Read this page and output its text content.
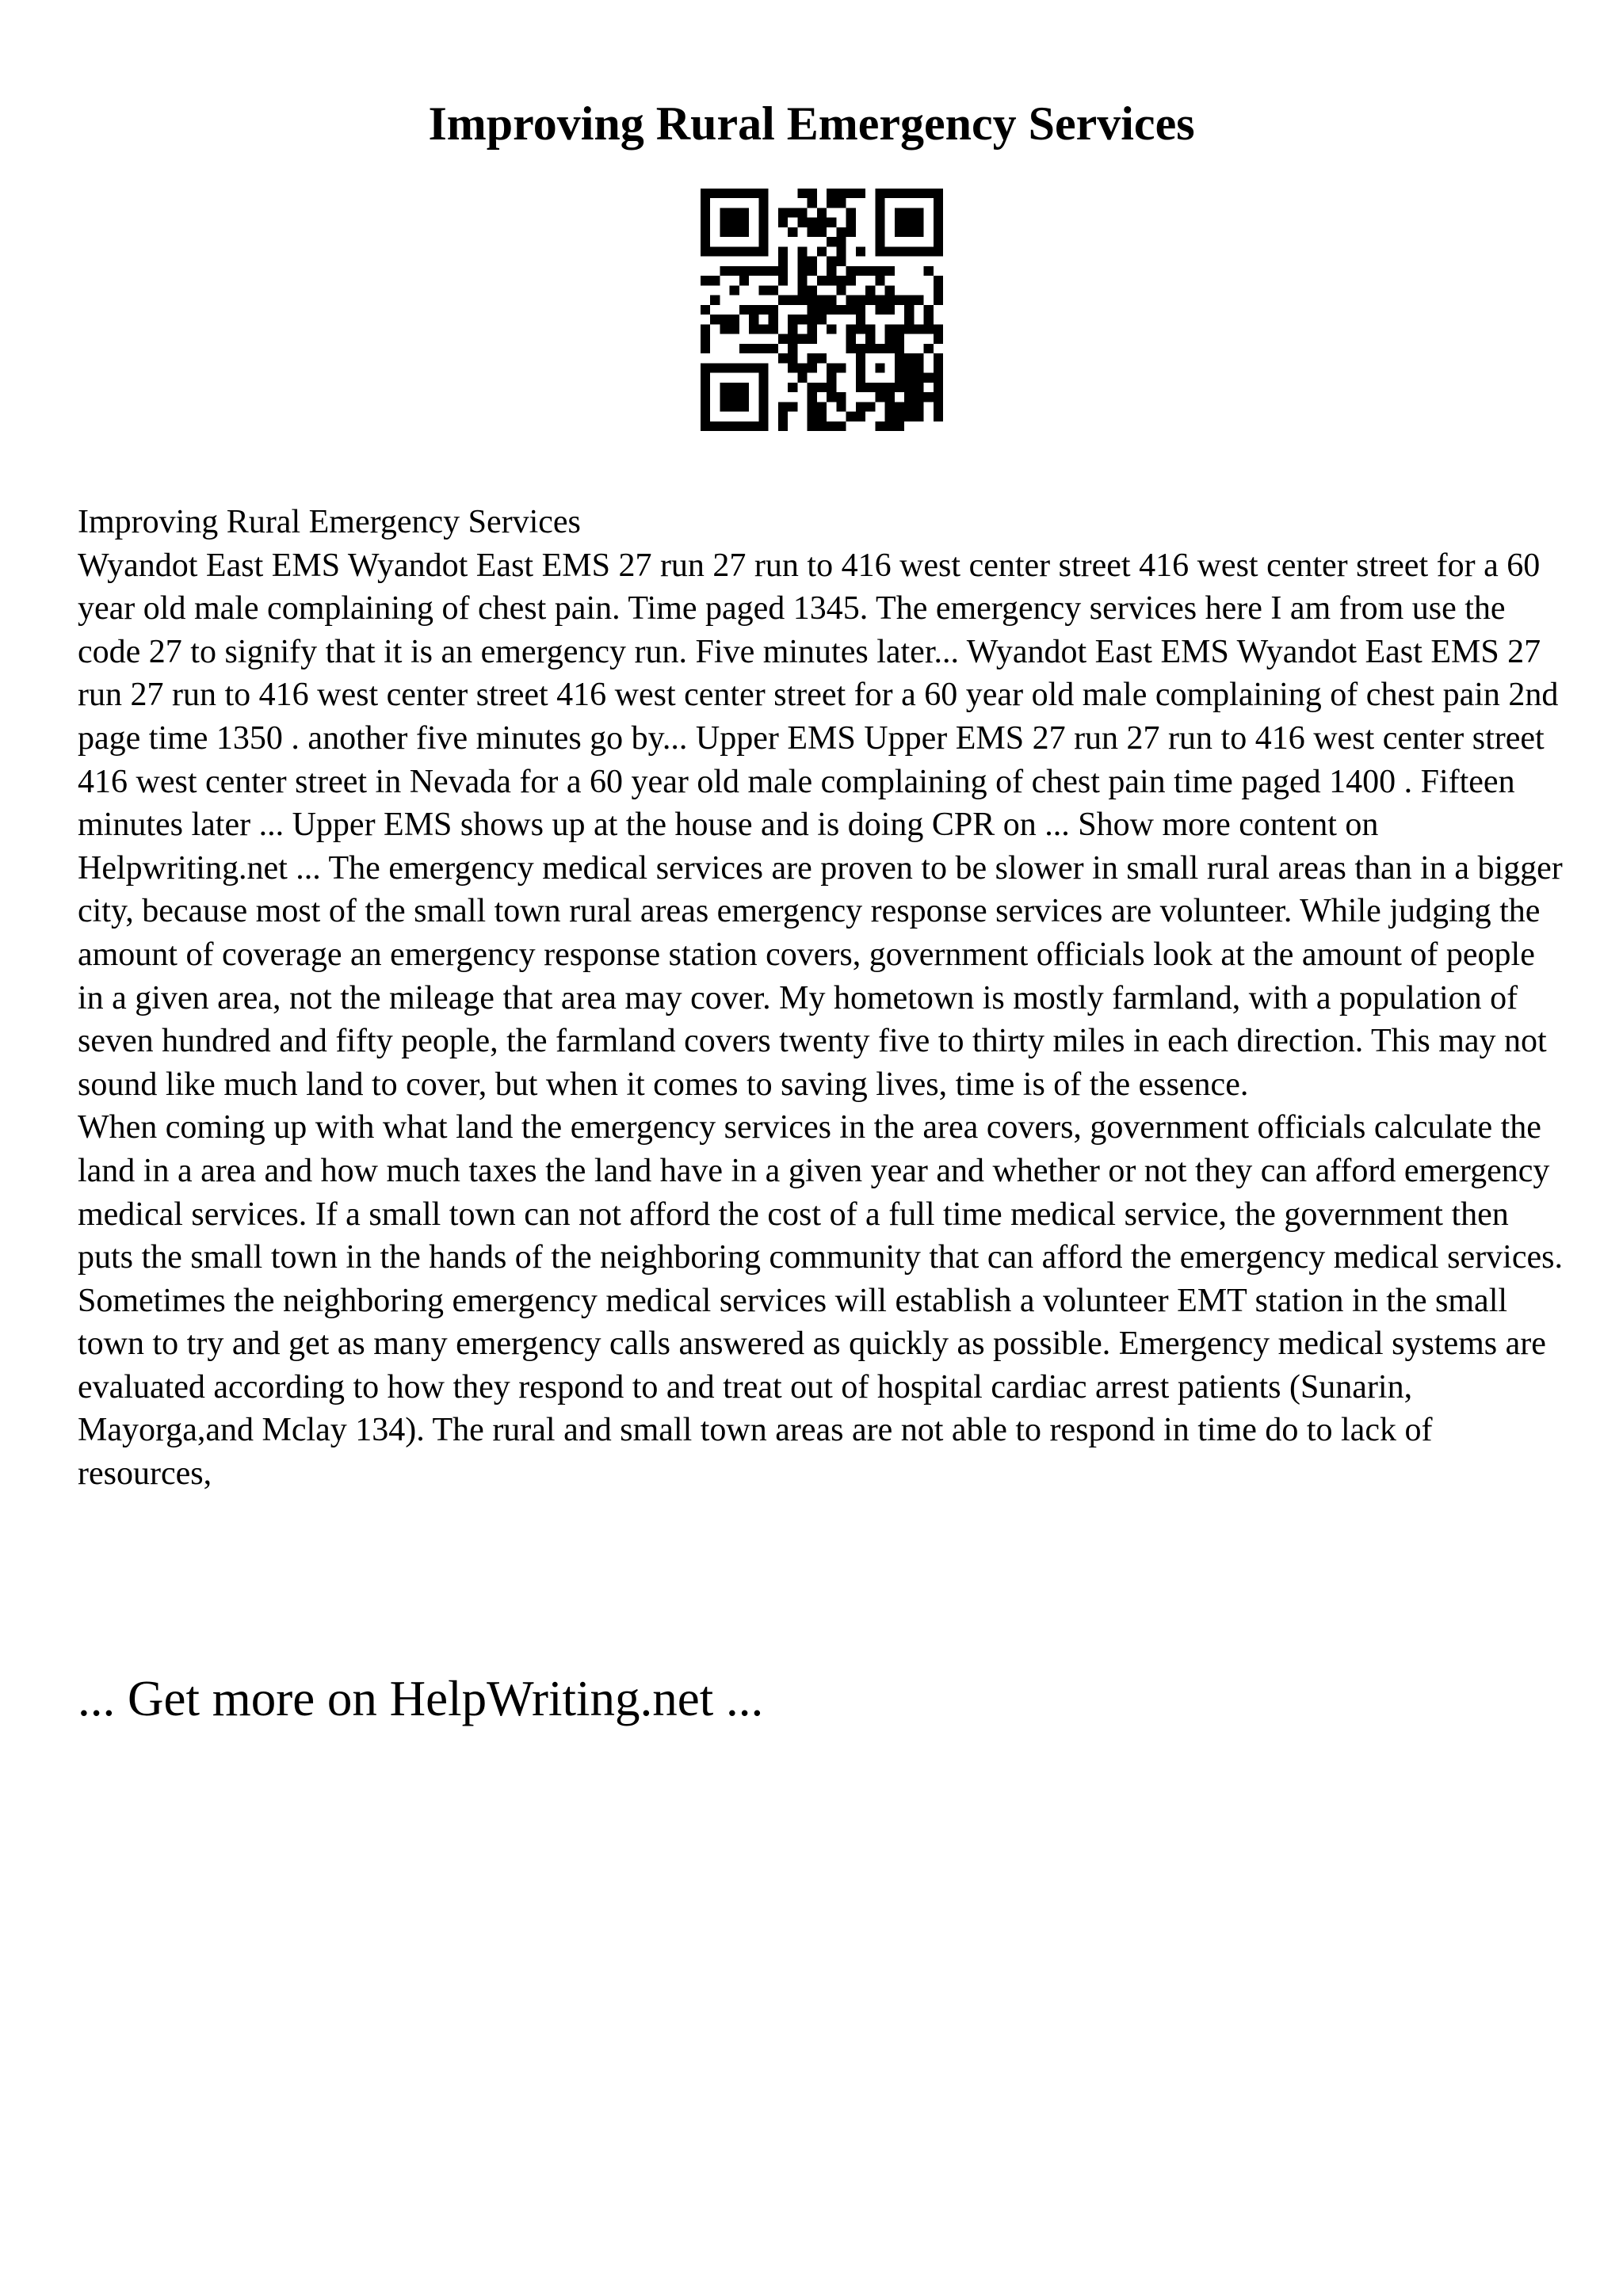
Improving Rural Emergency Services

Improving Rural Emergency Services

Wyandot East EMS Wyandot East EMS 27 run 27 run to 416 west center street 416 west center street for a 60 year old male complaining of chest pain. Time paged 1345. The emergency services here I am from use the code 27 to signify that it is an emergency run. Five minutes later... Wyandot East EMS Wyandot East EMS 27 run 27 run to 416 west center street 416 west center street for a 60 year old male complaining of chest pain 2nd page time 1350 . another five minutes go by... Upper EMS Upper EMS 27 run 27 run to 416 west center street 416 west center street in Nevada for a 60 year old male complaining of chest pain time paged 1400 . Fifteen minutes later ... Upper EMS shows up at the house and is doing CPR on ... Show more content on Helpwriting.net ... The emergency medical services are proven to be slower in small rural areas than in a bigger city, because most of the small town rural areas emergency response services are volunteer. While judging the amount of coverage an emergency response station covers, government officials look at the amount of people in a given area, not the mileage that area may cover. My hometown is mostly farmland, with a population of seven hundred and fifty people, the farmland covers twenty five to thirty miles in each direction. This may not sound like much land to cover, but when it comes to saving lives, time is of the essence.

When coming up with what land the emergency services in the area covers, government officials calculate the land in a area and how much taxes the land have in a given year and whether or not they can afford emergency medical services. If a small town can not afford the cost of a full time medical service, the government then puts the small town in the hands of the neighboring community that can afford the emergency medical services. Sometimes the neighboring emergency medical services will establish a volunteer EMT station in the small town to try and get as many emergency calls answered as quickly as possible. Emergency medical systems are evaluated according to how they respond to and treat out of hospital cardiac arrest patients (Sunarin, Mayorga,and Mclay 134). The rural and small town areas are not able to respond in time do to lack of resources,

... Get more on HelpWriting.net ...
